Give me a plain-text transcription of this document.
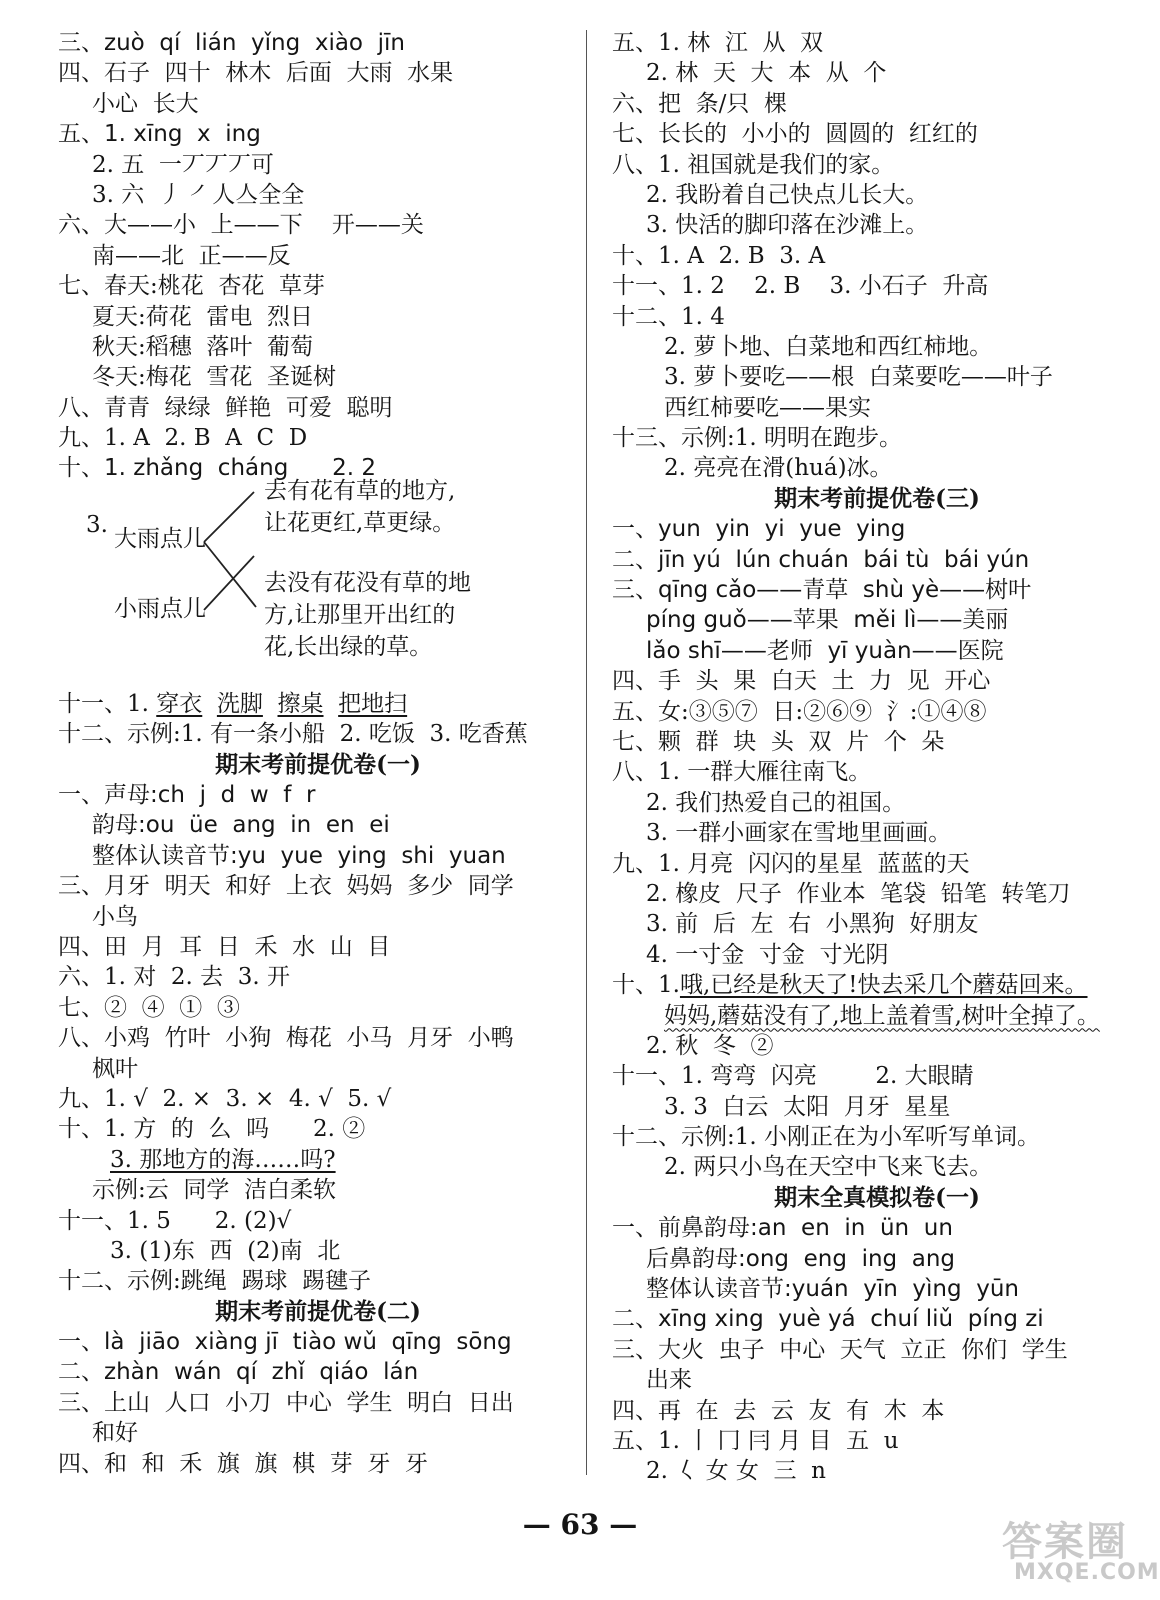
三、zuò  qí  lián  yǐng  xiào  jīn
四、石子  四十  林木  后面  大雨  水果
小心  长大
五、1. xīng  x  ing
2. 五  一丆丆丆可
3. 六  丿 ㇒人亼全全
六、大——小  上——下    开——关
南——北  正——反
七、春天:桃花  杏花  草芽
夏天:荷花  雷电  烈日
秋天:稻穗  落叶  葡萄
冬天:梅花  雪花  圣诞树
八、青青  绿绿  鲜艳  可爱  聪明
九、1. A  2. B  A  C  D
十、1. zhǎng  cháng      2. 2
3.
大雨点儿
小雨点儿
去有花有草的地方,
让花更红,草更绿。
去没有花没有草的地
方,让那里开出红的
花,长出绿的草。
十一、1. 穿衣 洗脚 擦桌 把地扫
十二、示例:1. 有一条小船  2. 吃饭  3. 吃香蕉
期末考前提优卷(一)
一、声母:ch  j  d  w  f  r
韵母:ou  üe  ang  in  en  ei
整体认读音节:yu  yue  ying  shi  yuan
三、月牙  明天  和好  上衣  妈妈  多少  同学
小鸟
四、田  月  耳  日  禾  水  山  目
六、1. 对  2. 去  3. 开
七、②  ④  ①  ③
八、小鸡  竹叶  小狗  梅花  小马  月牙  小鸭
枫叶
九、1. √  2. ×  3. ×  4. √  5. √
十、1. 方  的  么  吗      2. ②
3. 那地方的海……吗?
示例:云  同学  洁白柔软
十一、1. 5      2. (2)√
3. (1)东  西  (2)南  北
十二、示例:跳绳  踢球  踢毽子
期末考前提优卷(二)
一、là  jiāo  xiàng jī  tiào wǔ  qīng  sōng
二、zhàn  wán  qí  zhǐ  qiáo  lán
三、上山  人口  小刀  中心  学生  明白  日出
和好
四、和  和  禾  旗  旗  棋  芽  牙  牙
五、1. 林  江  从  双
2. 林  天  大  本  从  个
六、把  条/只  棵
七、长长的  小小的  圆圆的  红红的
八、1. 祖国就是我们的家。
2. 我盼着自己快点儿长大。
3. 快活的脚印落在沙滩上。
十、1. A  2. B  3. A
十一、1. 2    2. B    3. 小石子  升高
十二、1. 4
2. 萝卜地、白菜地和西红柿地。
3. 萝卜要吃——根  白菜要吃——叶子
西红柿要吃——果实
十三、示例:1. 明明在跑步。
2. 亮亮在滑(huá)冰。
期末考前提优卷(三)
一、yun  yin  yi  yue  ying
二、jīn yú  lún chuán  bái tù  bái yún
三、qīng cǎo——青草  shù yè——树叶
píng guǒ——苹果  měi lì——美丽
lǎo shī——老师  yī yuàn——医院
四、手  头  果  白天  土  力  见  开心
五、女:③⑤⑦  日:②⑥⑨  氵:①④⑧
七、颗  群  块  头  双  片  个  朵
八、1. 一群大雁往南飞。
2. 我们热爱自己的祖国。
3. 一群小画家在雪地里画画。
九、1. 月亮  闪闪的星星  蓝蓝的天
2. 橡皮  尺子  作业本  笔袋  铅笔  转笔刀
3. 前  后  左  右  小黑狗  好朋友
4. 一寸金  寸金  寸光阴
十、1.哦,已经是秋天了!快去采几个蘑菇回来。
妈妈,蘑菇没有了,地上盖着雪,树叶全掉了。
2. 秋  冬  ②
十一、1. 弯弯  闪亮        2. 大眼睛
3. 3  白云  太阳  月牙  星星
十二、示例:1. 小刚正在为小军听写单词。
2. 两只小鸟在天空中飞来飞去。
期末全真模拟卷(一)
一、前鼻韵母:an  en  in  ün  un
后鼻韵母:ong  eng  ing  ang
整体认读音节:yuán  yīn  yìng  yūn
二、xīng xing  yuè yá  chuí liǔ  píng zi
三、大火  虫子  中心  天气  立正  你们  学生
出来
四、再  在  去  云  友  有  木  本
五、1. 丨 冂 冃 月 目  五  u
2. 𡿨 女 女  三  n
— 63 —	答案圈
MXQE.COM
